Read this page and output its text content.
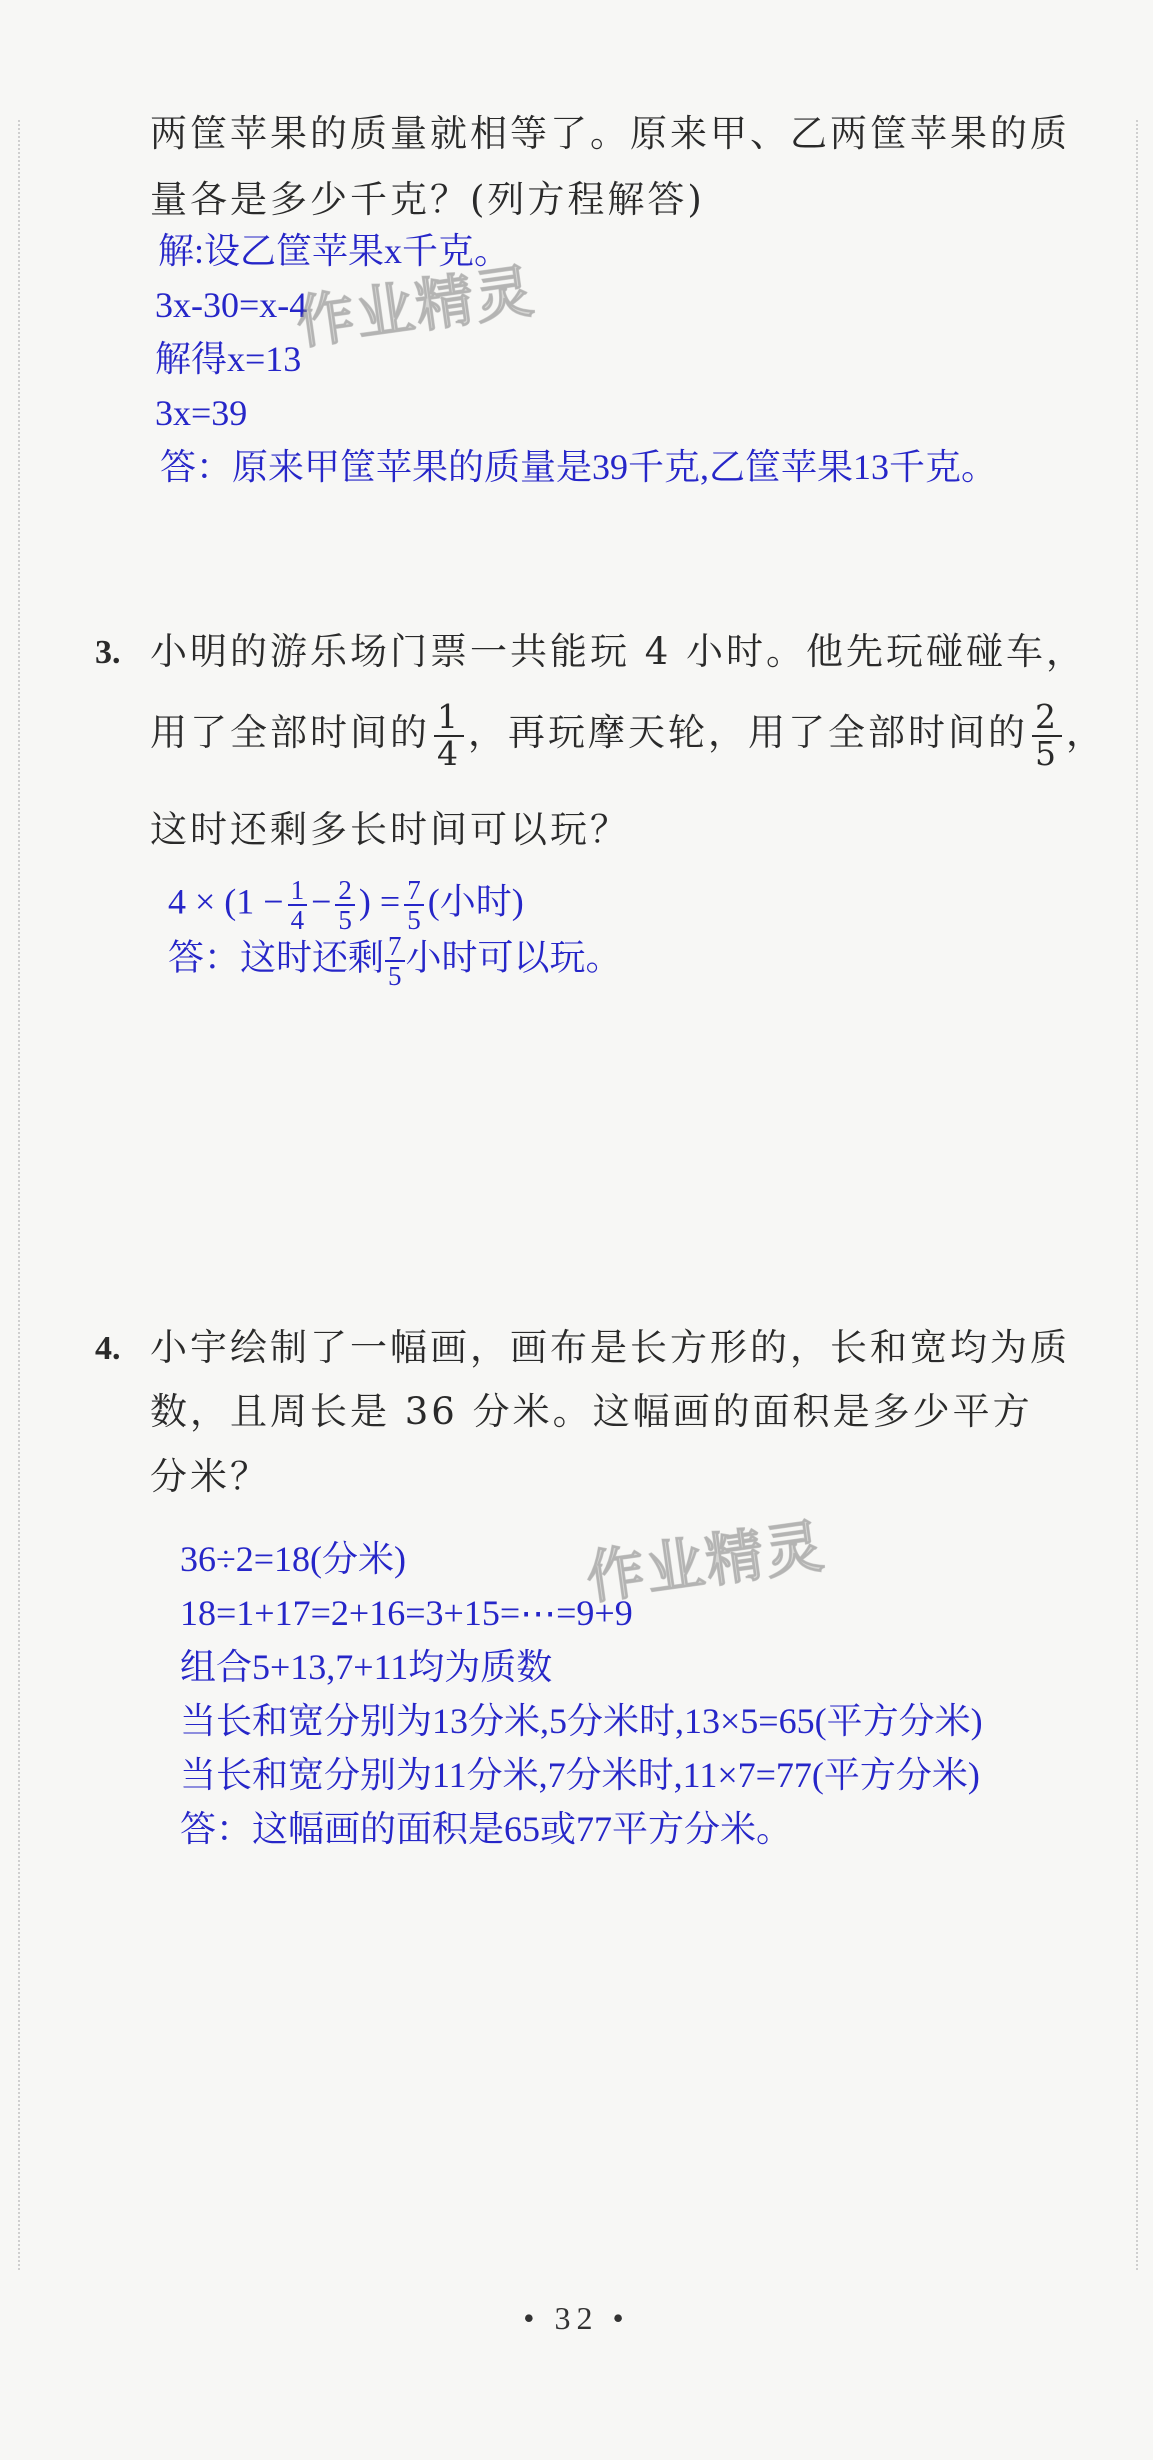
两筐苹果的质量就相等了。原来甲、乙两筐苹果的质
量各是多少千克？(列方程解答)
解:设乙筐苹果x千克。
3x-30=x-4
解得x=13
3x=39
答：原来甲筐苹果的质量是39千克,乙筐苹果13千克。
作业精灵
3. 小明的游乐场门票一共能玩 4 小时。他先玩碰碰车，
用了全部时间的 $\frac{1}{4}$ ，再玩摩天轮，用了全部时间的 $\frac{2}{5}$ ，
这时还剩多长时间可以玩？
$4 \times (1 - \frac{1}{4} - \frac{2}{5}$ ) = $\frac{7}{5}$ (小时)
答：这时还剩 $\frac{7}{5}$ 小时可以玩。
4. 小宇绘制了一幅画，画布是长方形的，长和宽均为质
数，且周长是 36 分米。这幅画的面积是多少平方
分米？
36÷2=18(分米)
18=1+17=2+16=3+15=⋯=9+9
组合5+13,7+11均为质数
当长和宽分别为13分米,5分米时,13×5=65(平方分米)
当长和宽分别为11分米,7分米时,11×7=77(平方分米)
答：这幅画的面积是65或77平方分米。
作业精灵
• 32 •
